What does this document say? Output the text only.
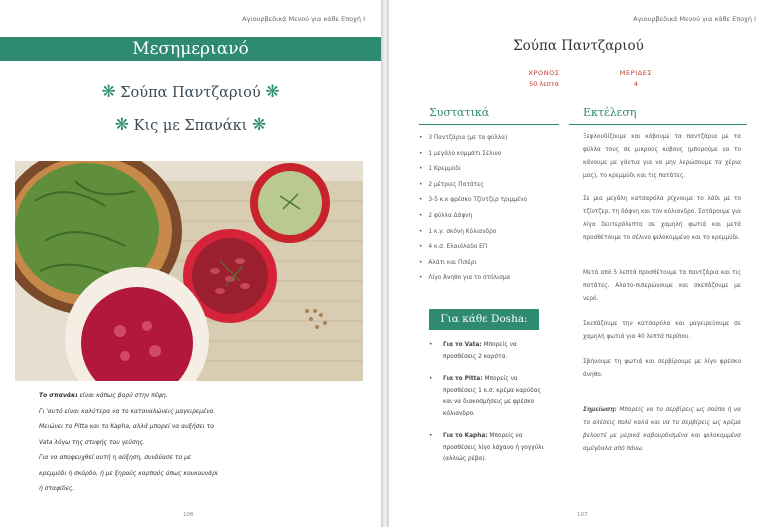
Αγιουρβεδικά Μενού για κάθε Εποχή Ι
Μεσημεριανό
❋ Σούπα Παντζαριού ❋
❋ Κις με Σπανάκι ❋
Το σπανάκι είναι κάπως βαρύ στην πέψη.
Γι 'αυτό είναι καλύτερα να το καταναλώνεις μαγειρεμένο.
Μειώνει το Pitta και το Kapha, αλλά μπορεί να αυξήσει το
Vata λόγω της στυφής του γεύσης.
Για να αποφευχθεί αυτή η αύξηση, συνδύασε το με
κρεμμύδι ή σκόρδο, ή με ξηρούς καρπούς όπως κουκουνάρι
ή σταφίδες.
106
Αγιουρβεδικά Μενού για κάθε Εποχή Ι
Σούπα Παντζαριού
ΧΡΟΝΟΣ
50 λεπτά
ΜΕΡΙΔΕΣ
4
Συστατικά	Εκτέλεση
• 3 Παντζάρια (με τα φύλλα)
• 1 μεγάλο κομμάτι Σέλινο
• 1 Κρεμμύδι
• 2 μέτριες Πατάτες
• 3-5 κ.κ φρέσκο Τζίντζερ τριμμένο
• 2 φύλλα Δάφνη
• 1 κ.γ. σκόνη Κόλιανδρο
• 4 κ.σ. Ελαιόλαδο ΕΠ
• Αλάτι και Πιπέρι
• Λίγο Άνηθο για το στόλισμα
Για κάθε Dosha:
• Για το Vata: Μπορείς να προσθέσεις 2 καρότα.
• Για το Pitta: Μπορείς να προσθέσεις 1 κ.σ. κρέμα καρύδας και να διακοσμήσεις με φρέσκο κόλιανδρο.
• Για το Kapha: Μπορείς να προσθέσεις λίγο λάχανο ή γογγύλι (αλλιώς ρέβα).

Ξεφλουδίζουμε και κόβουμε τα παντζάρια με τα φύλλα τους σε μικρούς κύβους (μπορούμε να το κάνουμε με γάντια για να μην λερώσουμε τα χέρια μας), το κρεμμύδι και τις πατάτες.

Σε μια μεγάλη κατσαρόλα ρίχνουμε το λάδι με το τζίντζερ, τη δάφνη και τον κόλιανδρο. Σοτάρουμε για λίγα δευτερόλεπτα σε χαμηλή φωτιά και μετά προσθέτουμε το σέλινο ψιλοκομμένο και το κρεμμύδι.

Μετά από 5 λεπτά προσθέτουμε τα παντζάρια και τις πατάτες. Αλατο-πιπερώνουμε και σκεπάζουμε με νερό.

Σκεπάζουμε την κατσαρόλα και μαγειρεύουμε σε χαμηλή φωτιά για 40 λεπτά περίπου.

Σβήνουμε τη φωτιά και σερβίρουμε με λίγο φρέσκο άνηθο.

Σημείωση: Μπορείς να το σερβίρεις ως σούπα ή να το αλέσεις πολύ καλά και να το σερβίρεις ως κρέμα βελουτέ με μερικά καβουρδισμένα και ψιλοκομμένα αμύγδαλα από πάνω.

107
